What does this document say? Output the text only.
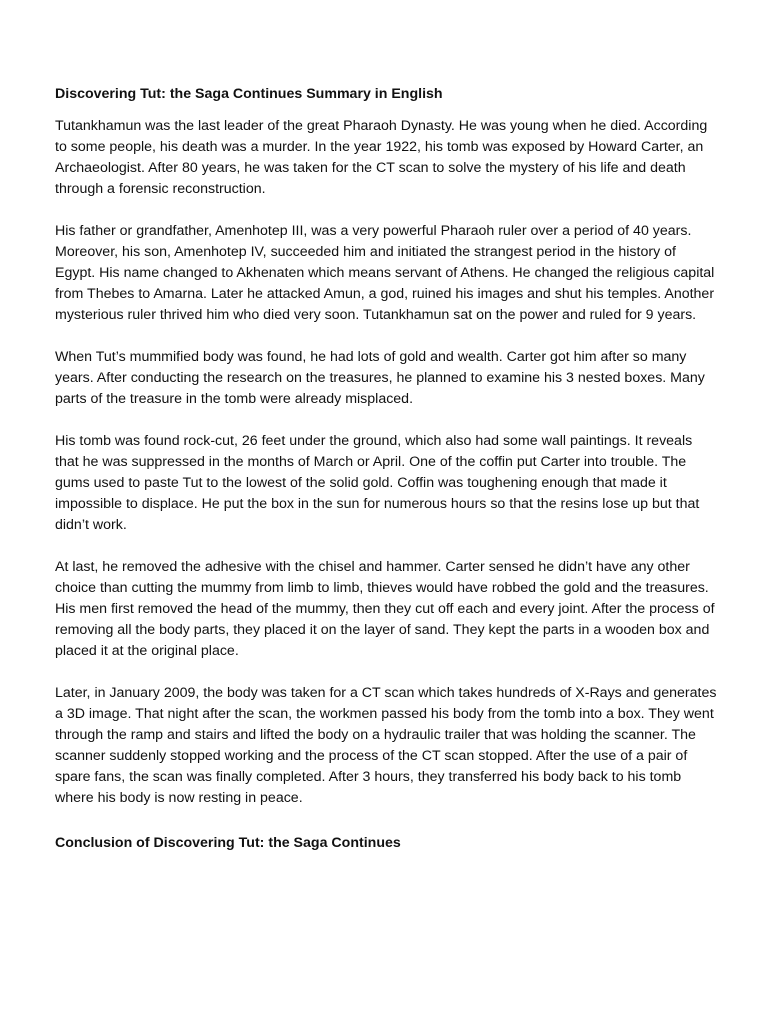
Discovering Tut: the Saga Continues Summary in English

Tutankhamun was the last leader of the great Pharaoh Dynasty. He was young when he died. According to some people, his death was a murder. In the year 1922, his tomb was exposed by Howard Carter, an Archaeologist. After 80 years, he was taken for the CT scan to solve the mystery of his life and death through a forensic reconstruction.

His father or grandfather, Amenhotep III, was a very powerful Pharaoh ruler over a period of 40 years. Moreover, his son, Amenhotep IV, succeeded him and initiated the strangest period in the history of Egypt. His name changed to Akhenaten which means servant of Athens. He changed the religious capital from Thebes to Amarna. Later he attacked Amun, a god, ruined his images and shut his temples. Another mysterious ruler thrived him who died very soon. Tutankhamun sat on the power and ruled for 9 years.

When Tut’s mummified body was found, he had lots of gold and wealth. Carter got him after so many years. After conducting the research on the treasures, he planned to examine his 3 nested boxes. Many parts of the treasure in the tomb were already misplaced.

His tomb was found rock-cut, 26 feet under the ground, which also had some wall paintings. It reveals that he was suppressed in the months of March or April. One of the coffin put Carter into trouble. The gums used to paste Tut to the lowest of the solid gold. Coffin was toughening enough that made it impossible to displace. He put the box in the sun for numerous hours so that the resins lose up but that didn’t work.

At last, he removed the adhesive with the chisel and hammer. Carter sensed he didn’t have any other choice than cutting the mummy from limb to limb, thieves would have robbed the gold and the treasures. His men first removed the head of the mummy, then they cut off each and every joint. After the process of removing all the body parts, they placed it on the layer of sand. They kept the parts in a wooden box and placed it at the original place.

Later, in January 2009, the body was taken for a CT scan which takes hundreds of X-Rays and generates a 3D image. That night after the scan, the workmen passed his body from the tomb into a box. They went through the ramp and stairs and lifted the body on a hydraulic trailer that was holding the scanner. The scanner suddenly stopped working and the process of the CT scan stopped. After the use of a pair of spare fans, the scan was finally completed. After 3 hours, they transferred his body back to his tomb where his body is now resting in peace.

Conclusion of Discovering Tut: the Saga Continues
